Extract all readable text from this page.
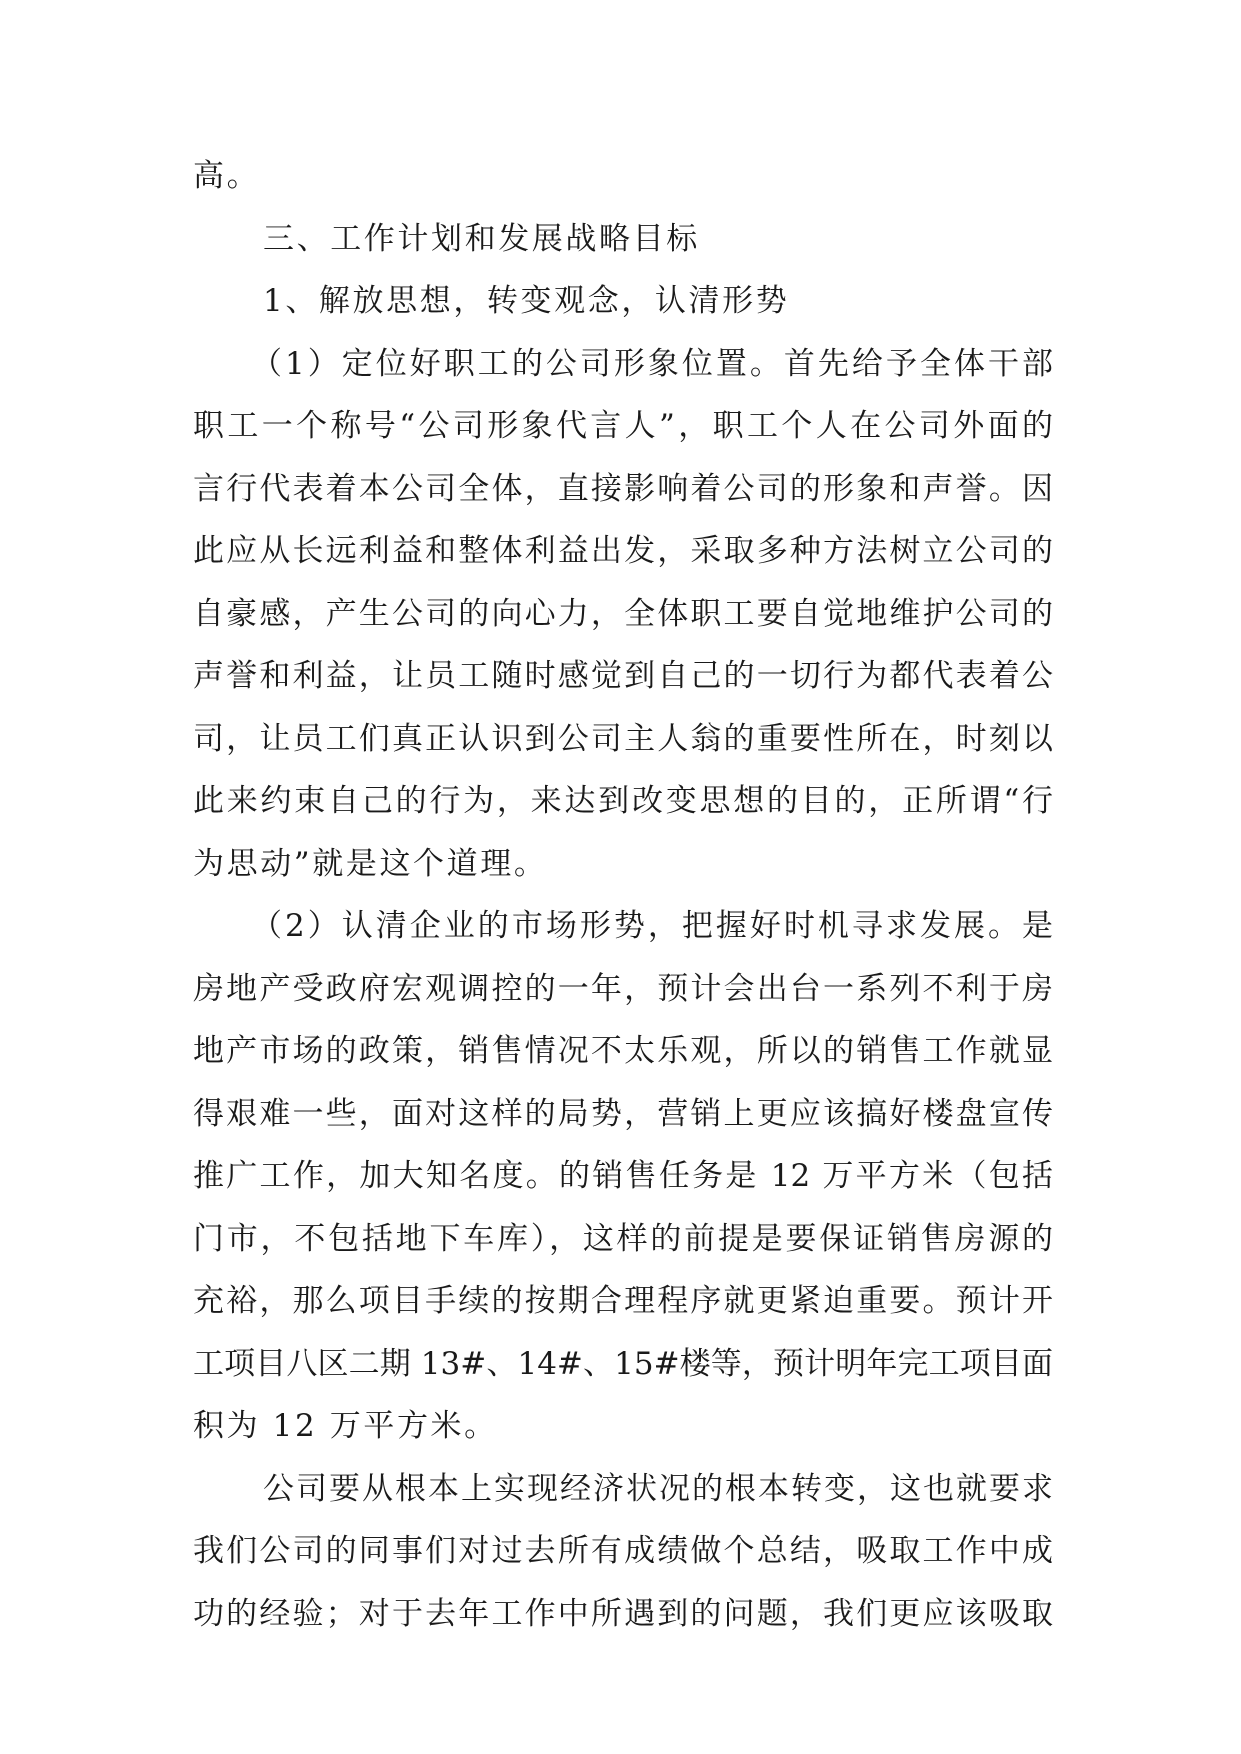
高。
三、工作计划和发展战略目标
1、解放思想，转变观念，认清形势
（1）定位好职工的公司形象位置。首先给予全体干部
职工一个称号“公司形象代言人”，职工个人在公司外面的
言行代表着本公司全体，直接影响着公司的形象和声誉。因
此应从长远利益和整体利益出发，采取多种方法树立公司的
自豪感，产生公司的向心力，全体职工要自觉地维护公司的
声誉和利益，让员工随时感觉到自己的一切行为都代表着公
司，让员工们真正认识到公司主人翁的重要性所在，时刻以
此来约束自己的行为，来达到改变思想的目的，正所谓“行
为思动”就是这个道理。
（2）认清企业的市场形势，把握好时机寻求发展。是
房地产受政府宏观调控的一年，预计会出台一系列不利于房
地产市场的政策，销售情况不太乐观，所以的销售工作就显
得艰难一些，面对这样的局势，营销上更应该搞好楼盘宣传
推广工作，加大知名度。的销售任务是 12 万平方米（包括
门市，不包括地下车库），这样的前提是要保证销售房源的
充裕，那么项目手续的按期合理程序就更紧迫重要。预计开
工项目八区二期 13#、14#、15#楼等，预计明年完工项目面
积为 12 万平方米。
公司要从根本上实现经济状况的根本转变，这也就要求
我们公司的同事们对过去所有成绩做个总结，吸取工作中成
功的经验；对于去年工作中所遇到的问题，我们更应该吸取
